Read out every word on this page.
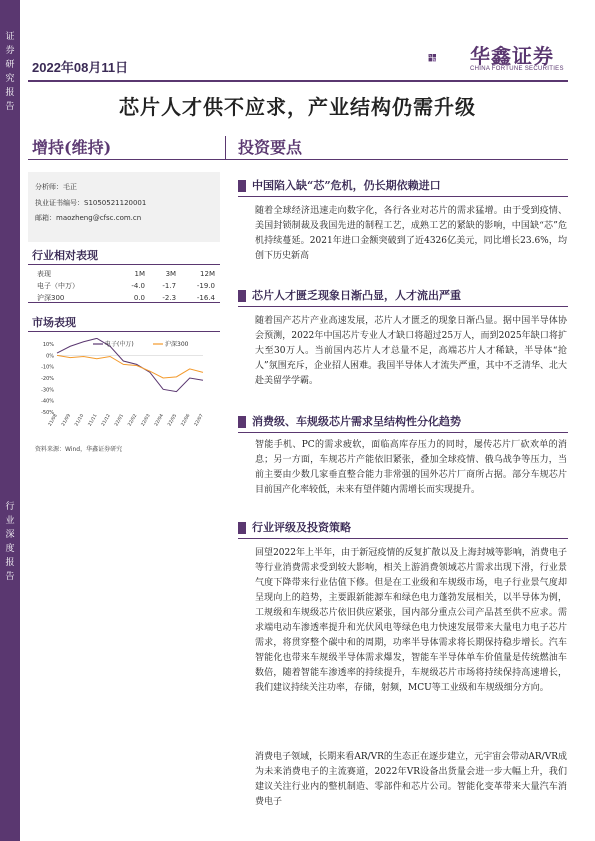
证
券
研
究
报
告
行
业
深
度
报
告
2022年08月11日	华鑫证券
CHINA FORTUNE SECURITIES
芯片人才供不应求，产业结构仍需升级
增持(维持)	投资要点
分析师：毛正
执业证书编号：S1050521120001
邮箱：maozheng@cfsc.com.cn
行业相对表现
表现	1M	3M	12M
电子（中万）	-4.0	-1.7	-19.0
沪深300	0.0	-2.3	-16.4
市场表现
10%
0%
-10%
-20%
-30%
-40%
-50%
21/08 21/09 21/10 21/11 21/12 22/01 22/02 22/03 22/04 22/05 22/06 22/07
电子(中万)	沪深300
资料来源：Wind，华鑫证券研究
中国陷入缺“芯”危机，仍长期依赖进口
随着全球经济迅速走向数字化，各行各业对芯片的需求猛增。由于受到疫情、美国封锁制裁及我国先进的制程工艺，成熟工艺的紧缺的影响，中国缺“芯”危机持续蔓延。2021年进口金额突破到了近4326亿美元，同比增长23.6%，均创下历史新高
芯片人才匮乏现象日渐凸显，人才流出严重
随着国产芯片产业高速发展，芯片人才匮乏的现象日渐凸显。据中国半导体协会预测，2022年中国芯片专业人才缺口将超过25万人，而到2025年缺口将扩大至30万人。当前国内芯片人才总量不足，高端芯片人才稀缺，半导体“抢人”氛围充斥，企业招人困难。我国半导体人才流失严重，其中不乏清华、北大赴美留学学霸。
消费级、车规级芯片需求呈结构性分化趋势
智能手机、PC的需求疲软，面临高库存压力的同时，屡传芯片厂砍欢单的消息；另一方面，车规芯片产能依旧紧张，叠加全球疫情、俄乌战争等压力，当前主要由少数几家垂直整合能力非常强的国外芯片厂商所占据。部分车规芯片目前国产化率较低，未来有望伴随内需增长而实现提升。
行业评级及投资策略
回望2022年上半年，由于新冠疫情的反复扩散以及上海封城等影响，消费电子等行业消费需求受到较大影响，相关上游消费领域芯片需求出现下滑，行业景气度下降带来行业估值下修。但是在工业级和车规级市场，电子行业景气度却呈现向上的趋势，主要跟新能源车和绿色电力蓬勃发展相关，以半导体为例，工规级和车规级芯片依旧供应紧张，国内部分重点公司产品甚至供不应求。需求端电动车渗透率提升和光伏风电等绿色电力快速发展带来大量电力电子芯片需求，将贯穿整个碳中和的周期，功率半导体需求将长期保持稳步增长。汽车智能化也带来车规级半导体需求爆发，智能车半导体单车价值量是传统燃油车数倍，随着智能车渗透率的持续提升，车规级芯片市场将持续保持高速增长，我们建议持续关注功率，存储，射频，MCU等工业级和车规级细分方向。
消费电子领域，长期来看AR/VR的生态正在逐步建立，元宇宙会带动AR/VR成为未来消费电子的主流赛道，2022年VR设备出货量会进一步大幅上升，我们建议关注行业内的整机制造、零部件和芯片公司。智能化变革带来大量汽车消费电子
